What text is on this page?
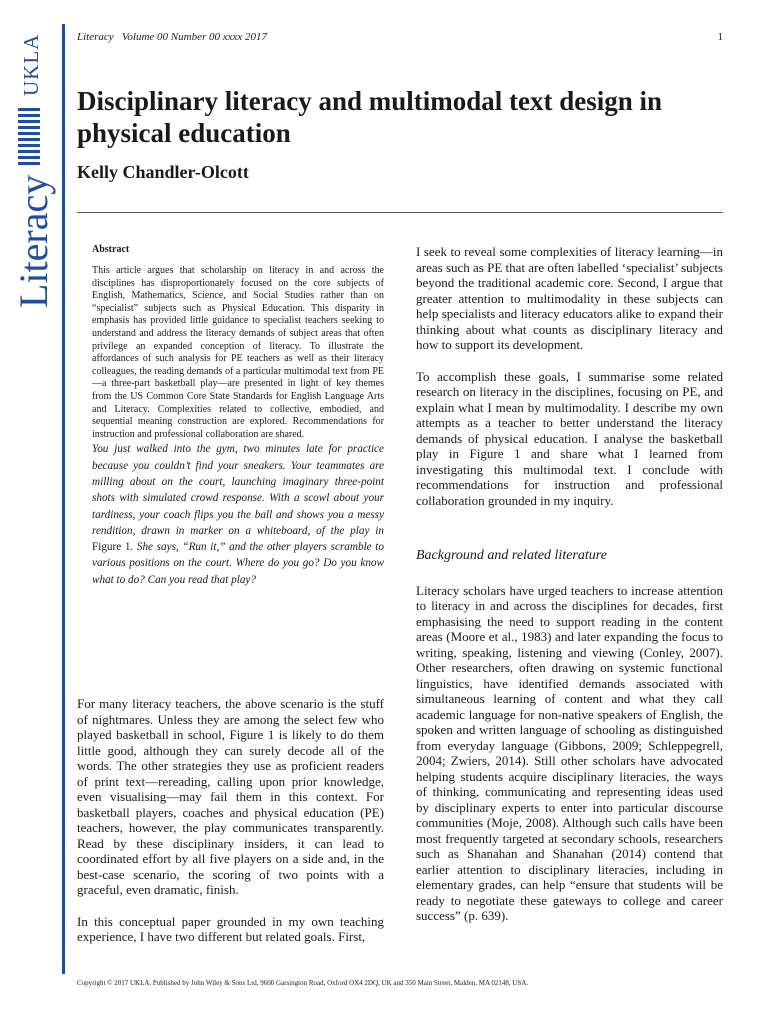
UKLA
Literacy
Literacy   Volume 00 Number 00 xxxx 2017	1
Disciplinary literacy and multimodal text design in physical education
Kelly Chandler-Olcott
Abstract

This article argues that scholarship on literacy in and across the disciplines has disproportionately focused on the core subjects of English, Mathematics, Science, and Social Studies rather than on “specialist” subjects such as Physical Education. This disparity in emphasis has provided little guidance to specialist teachers seeking to understand and address the literacy demands of subject areas that often privilege an expanded conception of literacy. To illustrate the affordances of such analysis for PE teachers as well as their literacy colleagues, the reading demands of a particular multimodal text from PE—a three-part basketball play—are presented in light of key themes from the US Common Core State Standards for English Language Arts and Literacy. Complexities related to collective, embodied, and sequential meaning construction are explored. Recommendations for instruction and professional collaboration are shared.

You just walked into the gym, two minutes late for practice because you couldn’t find your sneakers. Your teammates are milling about on the court, launching imaginary three-point shots with simulated crowd response. With a scowl about your tardiness, your coach flips you the ball and shows you a messy rendition, drawn in marker on a whiteboard, of the play in Figure 1. She says, “Run it,” and the other players scramble to various positions on the court. Where do you go? Do you know what to do? Can you read that play?

For many literacy teachers, the above scenario is the stuff of nightmares. Unless they are among the select few who played basketball in school, Figure 1 is likely to do them little good, although they can surely decode all of the words. The other strategies they use as proficient readers of print text—rereading, calling upon prior knowledge, even visualising—may fail them in this context. For basketball players, coaches and physical education (PE) teachers, however, the play communicates transparently. Read by these disciplinary insiders, it can lead to coordinated effort by all five players on a side and, in the best-case scenario, the scoring of two points with a graceful, even dramatic, finish.

In this conceptual paper grounded in my own teaching experience, I have two different but related goals. First,

I seek to reveal some complexities of literacy learning—in areas such as PE that are often labelled ‘specialist’ subjects beyond the traditional academic core. Second, I argue that greater attention to multimodality in these subjects can help specialists and literacy educators alike to expand their thinking about what counts as disciplinary literacy and how to support its development.

To accomplish these goals, I summarise some related research on literacy in the disciplines, focusing on PE, and explain what I mean by multimodality. I describe my own attempts as a teacher to better understand the literacy demands of physical education. I analyse the basketball play in Figure 1 and share what I learned from investigating this multimodal text. I conclude with recommendations for instruction and professional collaboration grounded in my inquiry.

Background and related literature

Literacy scholars have urged teachers to increase attention to literacy in and across the disciplines for decades, first emphasising the need to support reading in the content areas (Moore et al., 1983) and later expanding the focus to writing, speaking, listening and viewing (Conley, 2007). Other researchers, often drawing on systemic functional linguistics, have identified demands associated with simultaneous learning of content and what they call academic language for non-native speakers of English, the spoken and written language of schooling as distinguished from everyday language (Gibbons, 2009; Schleppegrell, 2004; Zwiers, 2014). Still other scholars have advocated helping students acquire disciplinary literacies, the ways of thinking, communicating and representing ideas used by disciplinary experts to enter into particular discourse communities (Moje, 2008). Although such calls have been most frequently targeted at secondary schools, researchers such as Shanahan and Shanahan (2014) contend that earlier attention to disciplinary literacies, including in elementary grades, can help “ensure that students will be ready to negotiate these gateways to college and career success” (p. 639).

Copyright © 2017 UKLA. Published by John Wiley & Sons Ltd, 9600 Garsington Road, Oxford OX4 2DQ, UK and 350 Main Street, Malden, MA 02148, USA.
